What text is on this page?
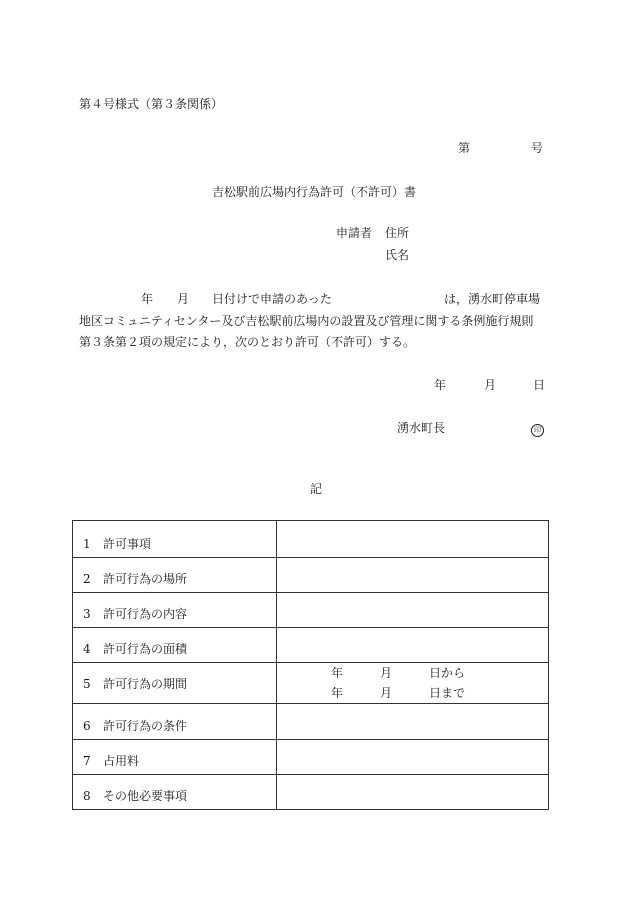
第４号様式（第３条関係）
第	号
吉松駅前広場内行為許可（不許可）書
申請者 住所
氏名
年 月 日付けで申請のあった	は，湧水町停車場
地区コミュニティセンター及び吉松駅前広場内の設置及び管理に関する条例施行規則
第３条第２項の規定により，次のとおり許可（不許可）する。
年	月	日
湧水町長	印
記
1 許可事項	
2 許可行為の場所	
3 許可行為の内容	
4 許可行為の面積	
5 許可行為の期間	年 月 日から
年 月 日まで

6 許可行為の条件	
7 占用料	
8 その他必要事項	
